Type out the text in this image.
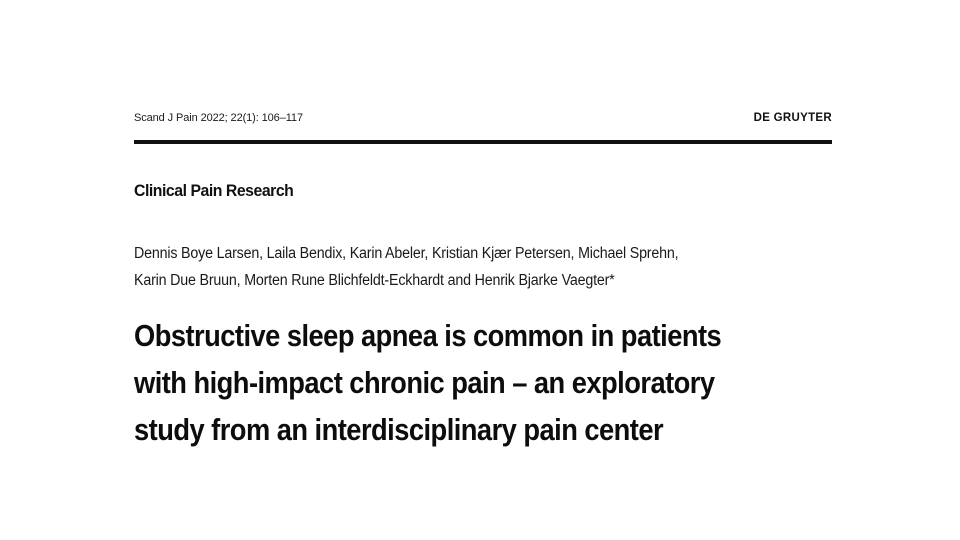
Scand J Pain 2022; 22(1): 106–117	DE GRUYTER
Clinical Pain Research
Dennis Boye Larsen, Laila Bendix, Karin Abeler, Kristian Kjær Petersen, Michael Sprehn,
Karin Due Bruun, Morten Rune Blichfeldt-Eckhardt and Henrik Bjarke Vaegter*
Obstructive sleep apnea is common in patients
with high-impact chronic pain – an exploratory
study from an interdisciplinary pain center
